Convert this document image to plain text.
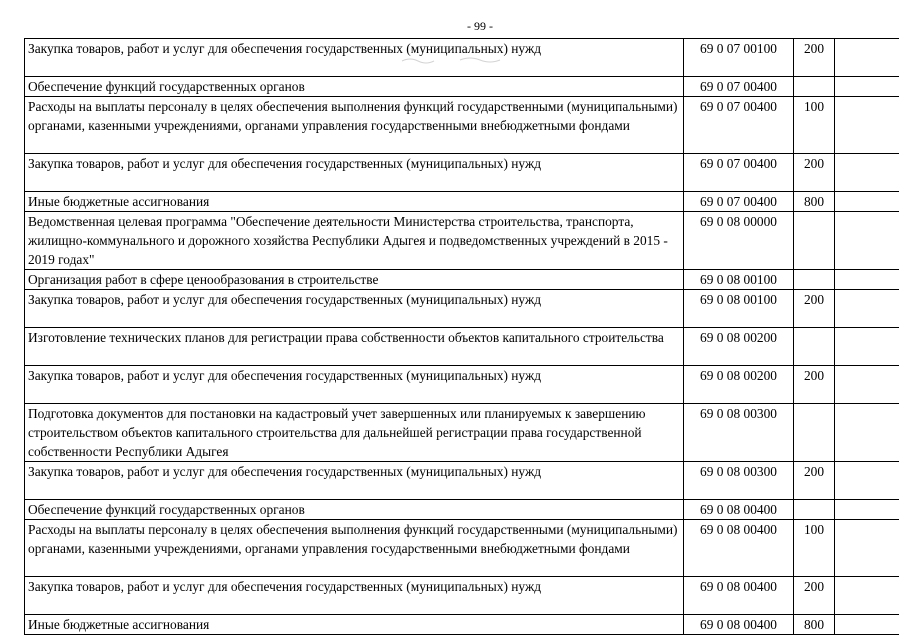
- 99 -
Закупка товаров, работ и услуг для обеспечения государственных (муниципальных) нужд	69 0 07 00100	200	
Обеспечение функций государственных органов	69 0 07 00400		
Расходы на выплаты персоналу в целях обеспечения выполнения функций государственными (муниципальными) органами, казенными учреждениями, органами управления государственными внебюджетными фондами	69 0 07 00400	100	
Закупка товаров, работ и услуг для обеспечения государственных (муниципальных) нужд	69 0 07 00400	200	
Иные бюджетные ассигнования	69 0 07 00400	800	
Ведомственная целевая программа "Обеспечение деятельности Министерства строительства, транспорта, жилищно-коммунального и дорожного хозяйства Республики Адыгея и подведомственных учреждений в 2015 - 2019 годах"	69 0 08 00000		
Организация работ в сфере ценообразования в строительстве	69 0 08 00100		
Закупка товаров, работ и услуг для обеспечения государственных (муниципальных) нужд	69 0 08 00100	200	
Изготовление технических планов для регистрации права собственности объектов капитального строительства	69 0 08 00200		
Закупка товаров, работ и услуг для обеспечения государственных (муниципальных) нужд	69 0 08 00200	200	
Подготовка документов для постановки на кадастровый учет завершенных или планируемых к завершению строительством объектов капитального строительства для дальнейшей регистрации права государственной собственности Республики Адыгея	69 0 08 00300		
Закупка товаров, работ и услуг для обеспечения государственных (муниципальных) нужд	69 0 08 00300	200	
Обеспечение функций государственных органов	69 0 08 00400		
Расходы на выплаты персоналу в целях обеспечения выполнения функций государственными (муниципальными) органами, казенными учреждениями, органами управления государственными внебюджетными фондами	69 0 08 00400	100	
Закупка товаров, работ и услуг для обеспечения государственных (муниципальных) нужд	69 0 08 00400	200	
Иные бюджетные ассигнования	69 0 08 00400	800	
